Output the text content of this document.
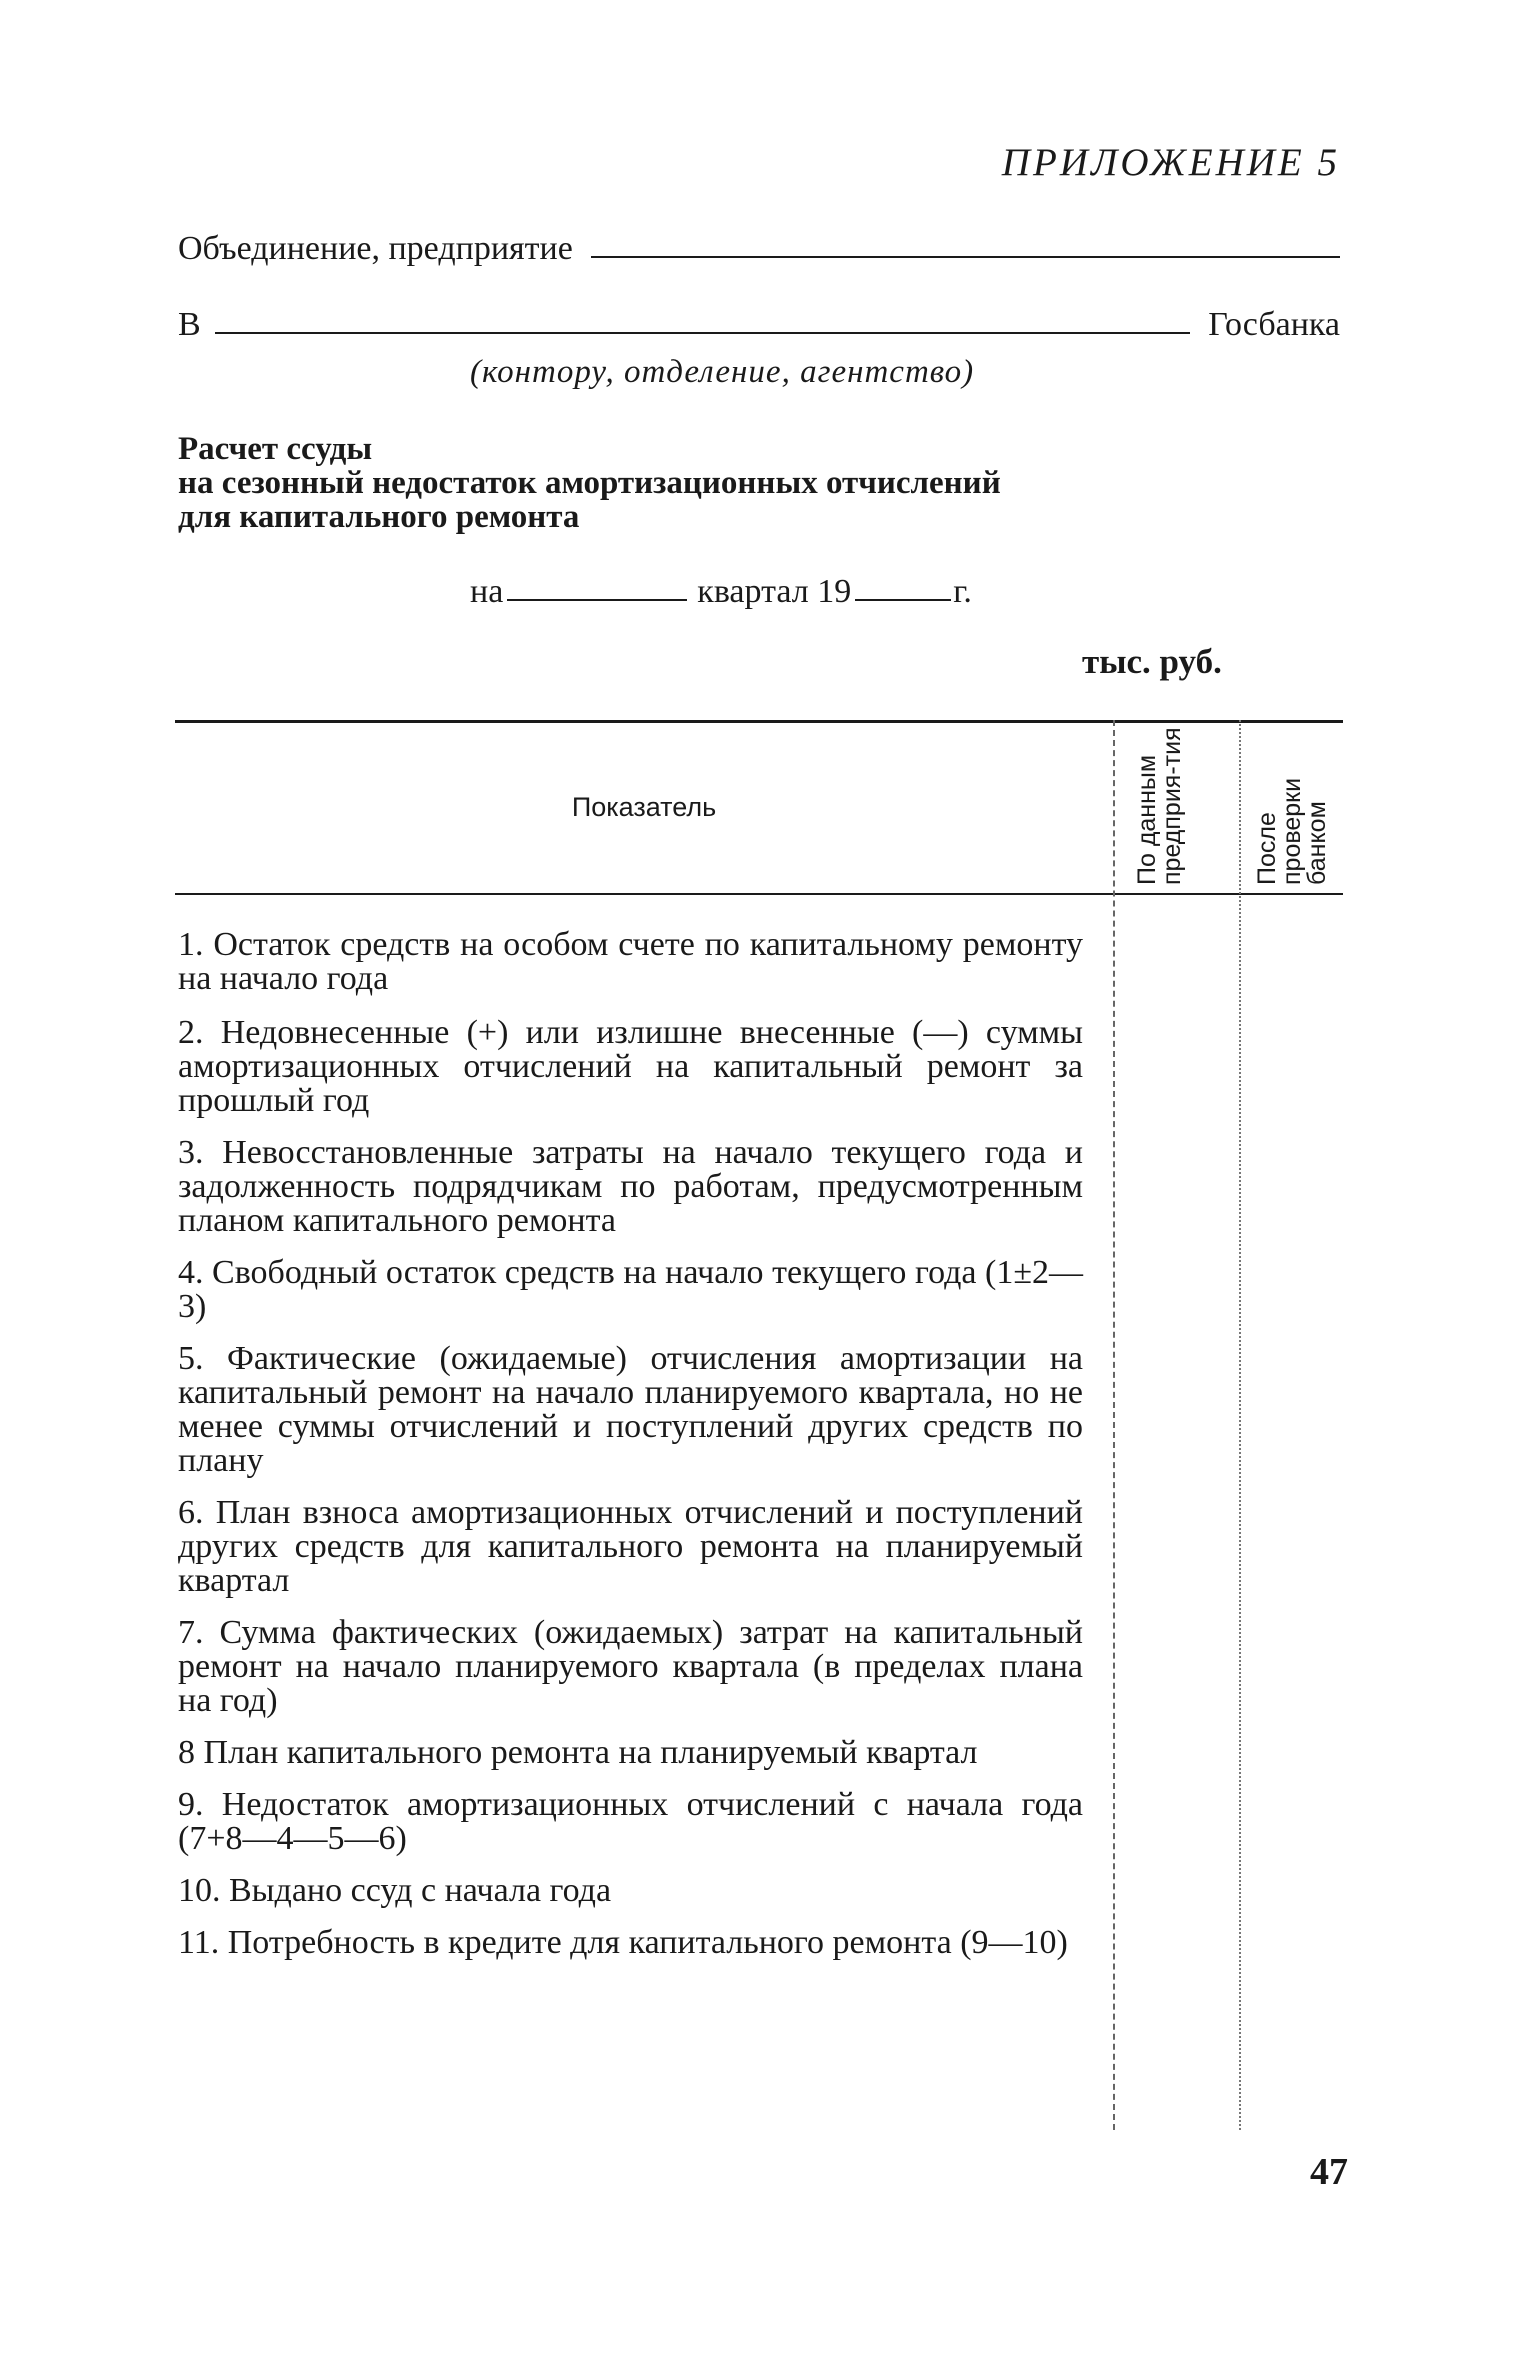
ПРИЛОЖЕНИЕ 5
Объединение, предприятие
В	Госбанка
(контору, отделение, агентство)
Расчет ссуды
на сезонный недостаток амортизационных отчислений
для капитального ремонта
на	квартал 19	г.
тыс. руб.
Показатель	По данным предприя-тия	После проверки банком
1. Остаток средств на особом счете по капитальному ремонту на начало года
2. Недовнесенные (+) или излишне внесенные (—) суммы амортизационных отчислений на капитальный ремонт за прошлый год
3. Невосстановленные затраты на начало текущего года и задолженность подрядчикам по работам, предусмотренным планом капитального ремонта
4. Свободный остаток средств на начало текущего года (1±2—3)
5. Фактические (ожидаемые) отчисления амортизации на капитальный ремонт на начало планируемого квартала, но не менее суммы отчислений и поступлений других средств по плану
6. План взноса амортизационных отчислений и поступлений других средств для капитального ремонта на планируемый квартал
7. Сумма фактических (ожидаемых) затрат на капитальный ремонт на начало планируемого квартала (в пределах плана на год)
8 План капитального ремонта на планируемый квартал
9. Недостаток амортизационных отчислений с начала года (7+8—4—5—6)
10. Выдано ссуд с начала года
11. Потребность в кредите для капитального ремонта (9—10)
47
